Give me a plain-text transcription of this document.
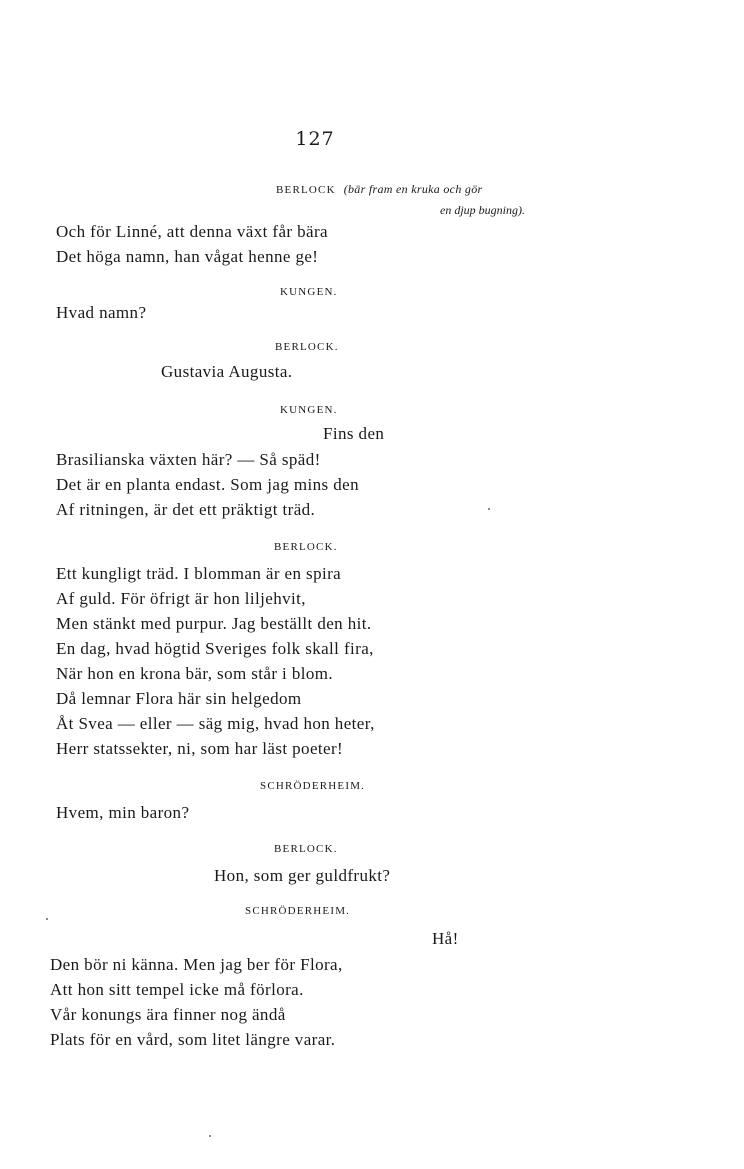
127
BERLOCK (bär fram en kruka och gör
en djup bugning).
Och för Linné, att denna växt får bära
Det höga namn, han vågat henne ge!
KUNGEN.
Hvad namn?
BERLOCK.
Gustavia Augusta.
KUNGEN.
Fins den
Brasilianska växten här? — Så späd!
Det är en planta endast. Som jag mins den
Af ritningen, är det ett präktigt träd.
BERLOCK.
Ett kungligt träd. I blomman är en spira
Af guld. För öfrigt är hon liljehvit,
Men stänkt med purpur. Jag beställt den hit.
En dag, hvad högtid Sveriges folk skall fira,
När hon en krona bär, som står i blom.
Då lemnar Flora här sin helgedom
Åt Svea — eller — säg mig, hvad hon heter,
Herr statssekter, ni, som har läst poeter!
SCHRÖDERHEIM.
Hvem, min baron?
BERLOCK.
Hon, som ger guldfrukt?
SCHRÖDERHEIM.
Hå!
Den bör ni känna. Men jag ber för Flora,
Att hon sitt tempel icke må förlora.
Vår konungs ära finner nog ändå
Plats för en vård, som litet längre varar.
